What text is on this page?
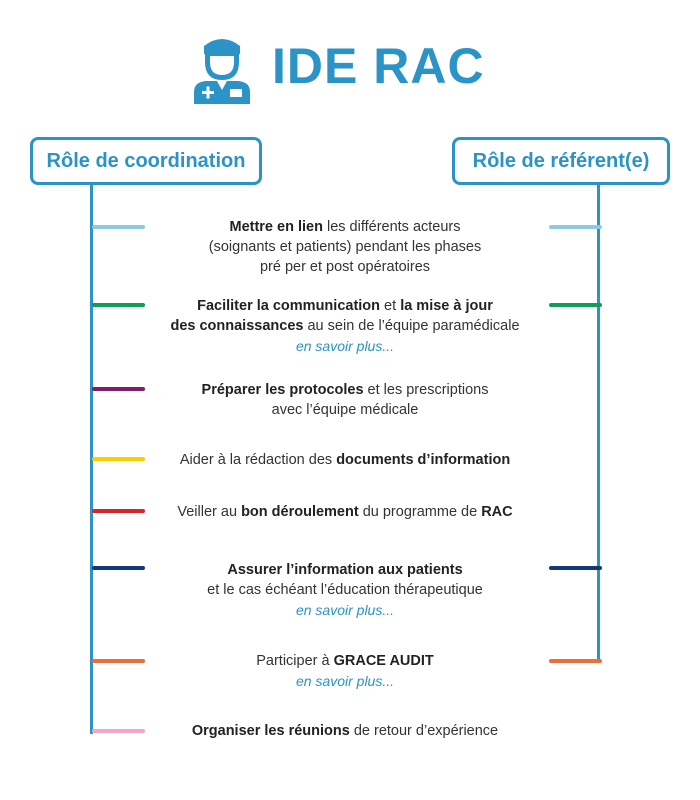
IDE RAC
Rôle de coordination	Rôle de référent(e)
Mettre en lien les différents acteurs
(soignants et patients) pendant les phases
pré per et post opératoires
Faciliter la communication et la mise à jour
des connaissances au sein de l’équipe paramédicale
en savoir plus...
Préparer les protocoles et les prescriptions
avec l’équipe médicale
Aider à la rédaction des documents d’information
Veiller au bon déroulement du programme de RAC
Assurer l’information aux patients
et le cas échéant l’éducation thérapeutique
en savoir plus...
Participer à GRACE AUDIT
en savoir plus...
Organiser les réunions de retour d’expérience
